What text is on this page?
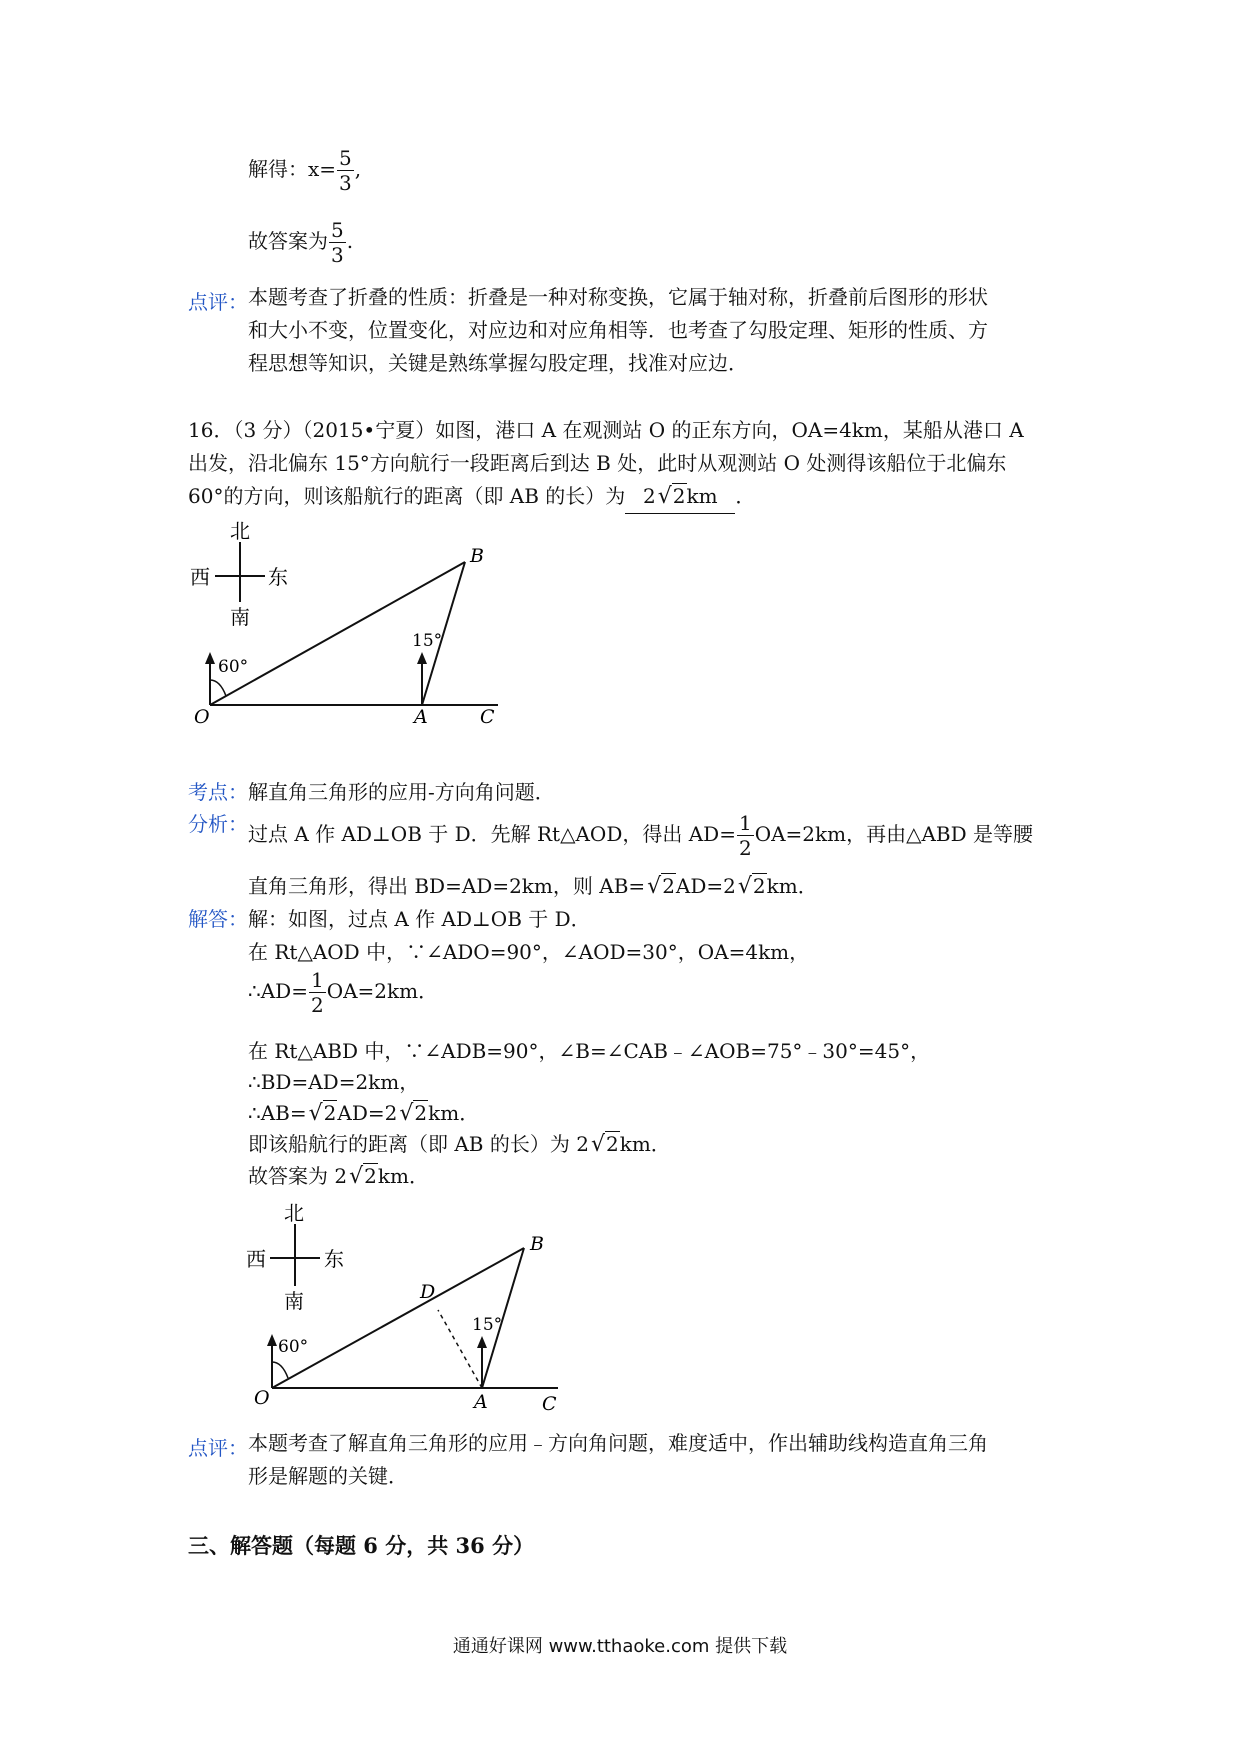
解得：$x= \frac{5}{3}$ ,
故答案为 $\frac{5}{3}$ .
点评： 本题考查了折叠的性质：折叠是一种对称变换，它属于轴对称，折叠前后图形的形状
和大小不变，位置变化，对应边和对应角相等．也考查了勾股定理、矩形的性质、方
程思想等知识，关键是熟练掌握勾股定理，找准对应边．
16．（3 分）（2015•宁夏）如图，港口 A 在观测站 O 的正东方向，OA=4km，某船从港口 A
出发，沿北偏东 15°方向航行一段距离后到达 B 处，此时从观测站 O 处测得该船位于北偏东
60°的方向，则该船航行的距离（即 AB 的长）为 2√2km ．
北
南
西	东
60°
15°
O	A	C
B
考点：解直角三角形的应用-方向角问题．
分析： 过点 A 作 AD⊥OB 于 D．先解 Rt△AOD，得出 $AD= \frac{1}{2} OA=2km$，再由△ABD 是等腰
直角三角形，得出 BD=AD=2km，则 AB=√2AD=2√2km．
解答： 解：如图，过点 A 作 AD⊥OB 于 D．
在 Rt△AOD 中，∵∠ADO=90°，∠AOD=30°，OA=4km，
∴AD= $\frac{1}{2} OA=2km$．
在 Rt△ABD 中，∵∠ADB=90°，∠B=∠CAB﹣∠AOB=75°﹣30°=45°，
∴BD=AD=2km，
∴AB=√2AD=2√2km．
即该船航行的距离（即 AB 的长）为 2√2km．
故答案为 2√2km．
北
南
西	东
60°
15°
O	A	C
B
D
点评： 本题考查了解直角三角形的应用﹣方向角问题，难度适中，作出辅助线构造直角三角
形是解题的关键．
三、解答题（每题 6 分，共 36 分）
通通好课网 www.tthaoke.com 提供下载
